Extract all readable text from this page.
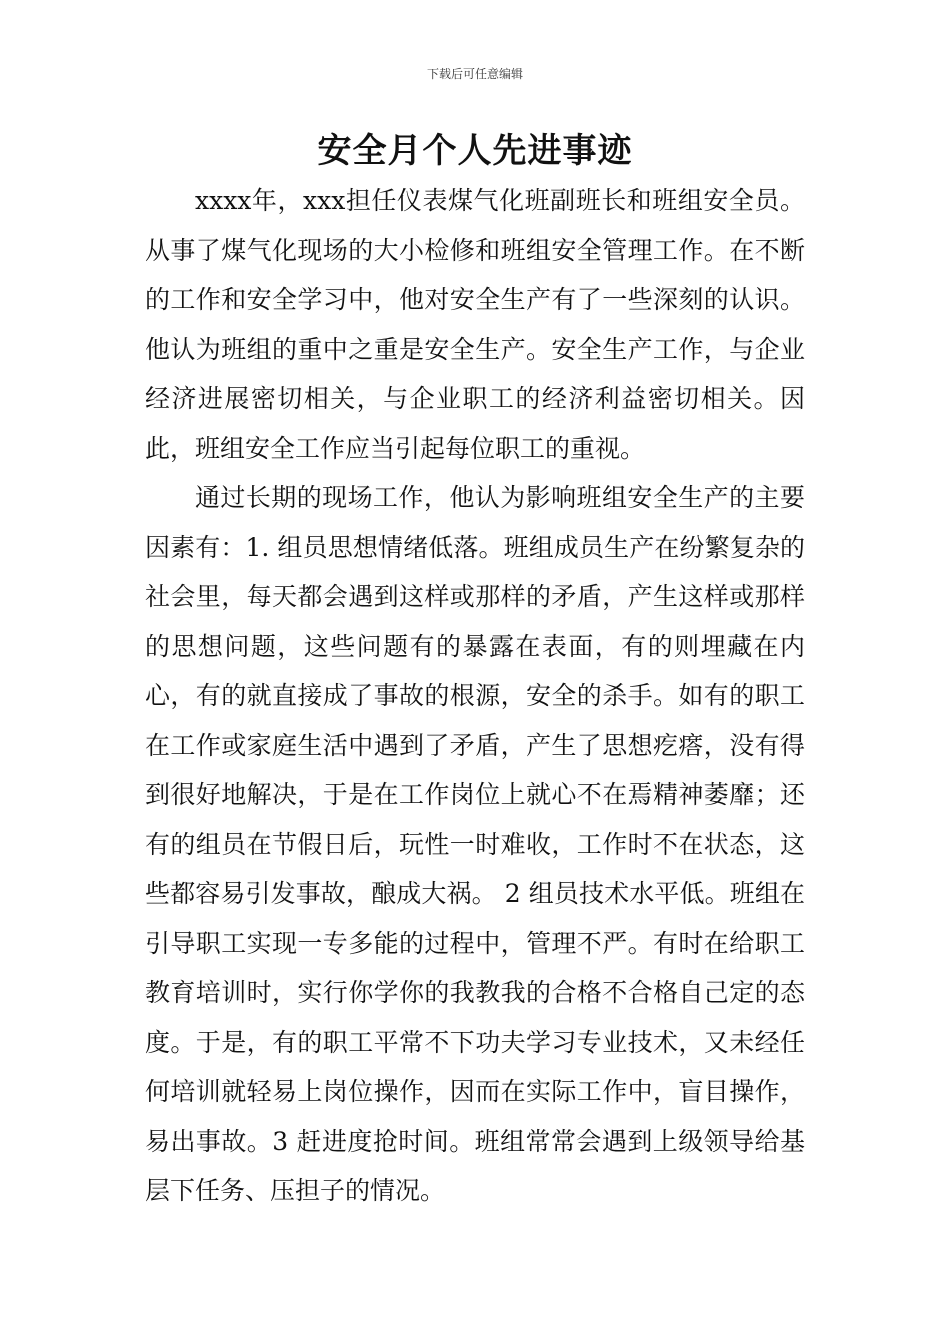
下载后可任意编辑
安全月个人先进事迹

xxxx年，xxx担任仪表煤气化班副班长和班组安全员。从事了煤气化现场的大小检修和班组安全管理工作。在不断的工作和安全学习中，他对安全生产有了一些深刻的认识。他认为班组的重中之重是安全生产。安全生产工作，与企业经济进展密切相关，与企业职工的经济利益密切相关。因此，班组安全工作应当引起每位职工的重视。

通过长期的现场工作，他认为影响班组安全生产的主要因素有：1. 组员思想情绪低落。班组成员生产在纷繁复杂的社会里，每天都会遇到这样或那样的矛盾，产生这样或那样的思想问题，这些问题有的暴露在表面，有的则埋藏在内心，有的就直接成了事故的根源，安全的杀手。如有的职工在工作或家庭生活中遇到了矛盾，产生了思想疙瘩，没有得到很好地解决，于是在工作岗位上就心不在焉精神萎靡；还有的组员在节假日后，玩性一时难收，工作时不在状态，这些都容易引发事故，酿成大祸。 2 组员技术水平低。班组在引导职工实现一专多能的过程中，管理不严。有时在给职工教育培训时，实行你学你的我教我的合格不合格自己定的态度。于是，有的职工平常不下功夫学习专业技术，又未经任何培训就轻易上岗位操作，因而在实际工作中，盲目操作，易出事故。3 赶进度抢时间。班组常常会遇到上级领导给基层下任务、压担子的情况。
